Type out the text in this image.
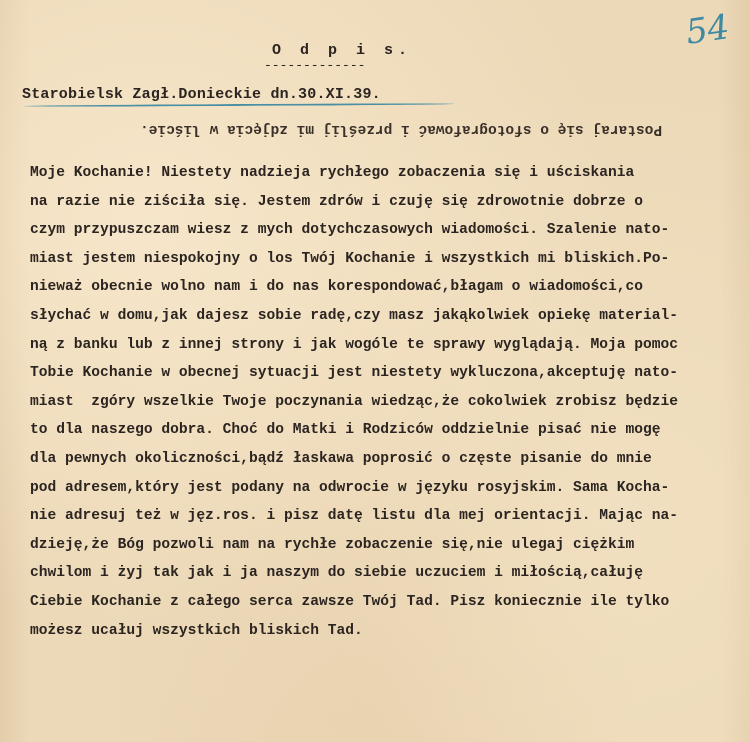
54
O d p i s.
-------------
Starobielsk Zagł.Donieckie dn.30.XI.39.
Postaraj się o sfotografować i prześlij mi zdjęcia w liście.
Moje Kochanie! Niestety nadzieja rychłego zobaczenia się i uściskania
na razie nie ziściła się. Jestem zdrów i czuję się zdrowotnie dobrze o
czym przypuszczam wiesz z mych dotychczasowych wiadomości. Szalenie nato-
miast jestem niespokojny o los Twój Kochanie i wszystkich mi bliskich.Po-
nieważ obecnie wolno nam i do nas korespondować,błagam o wiadomości,co
słychać w domu,jak dajesz sobie radę,czy masz jakąkolwiek opiekę material-
ną z banku lub z innej strony i jak wogóle te sprawy wyglądają. Moja pomoc
Tobie Kochanie w obecnej sytuacji jest niestety wykluczona,akceptuję nato-
miast  zgóry wszelkie Twoje poczynania wiedząc,że cokolwiek zrobisz będzie
to dla naszego dobra. Choć do Matki i Rodziców oddzielnie pisać nie mogę
dla pewnych okoliczności,bądź łaskawa poprosić o częste pisanie do mnie
pod adresem,który jest podany na odwrocie w języku rosyjskim. Sama Kocha-
nie adresuj też w jęz.ros. i pisz datę listu dla mej orientacji. Mając na-
dzieję,że Bóg pozwoli nam na rychłe zobaczenie się,nie ulegaj ciężkim
chwilom i żyj tak jak i ja naszym do siebie uczuciem i miłością,całuję
Ciebie Kochanie z całego serca zawsze Twój Tad. Pisz koniecznie ile tylko
możesz ucałuj wszystkich bliskich Tad.
